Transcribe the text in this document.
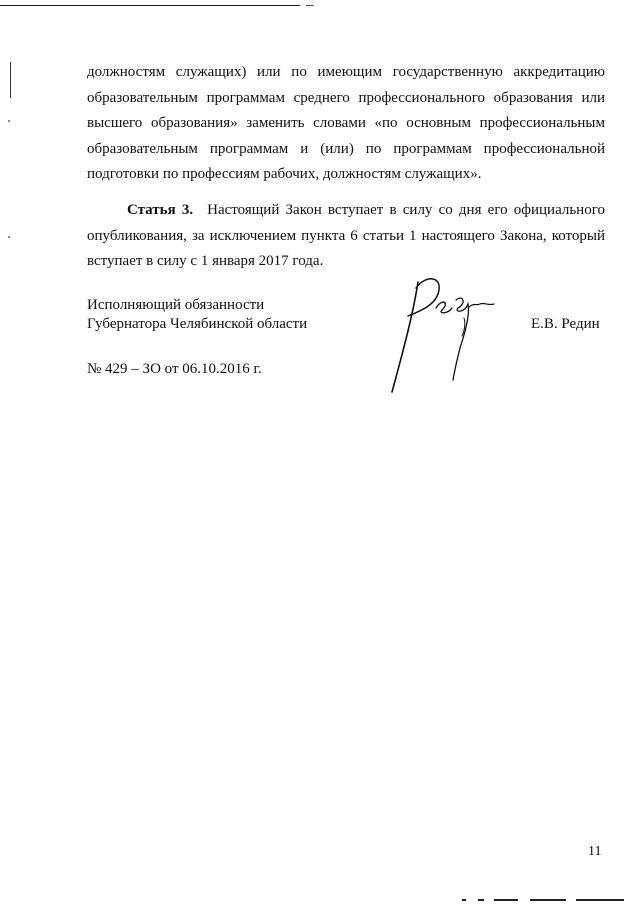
должностям служащих) или по имеющим государственную аккредитацию образовательным программам среднего профессионального образования или высшего образования» заменить словами «по основным профессиональным образовательным программам и (или) по программам профессиональной подготовки по профессиям рабочих, должностям служащих».

Статья 3. Настоящий Закон вступает в силу со дня его официального опубликования, за исключением пункта 6 статьи 1 настоящего Закона, который вступает в силу с 1 января 2017 года.

Исполняющий обязанности
Губернатора Челябинской области	Е.В. Редин
№ 429 – ЗО от 06.10.2016 г.
11
